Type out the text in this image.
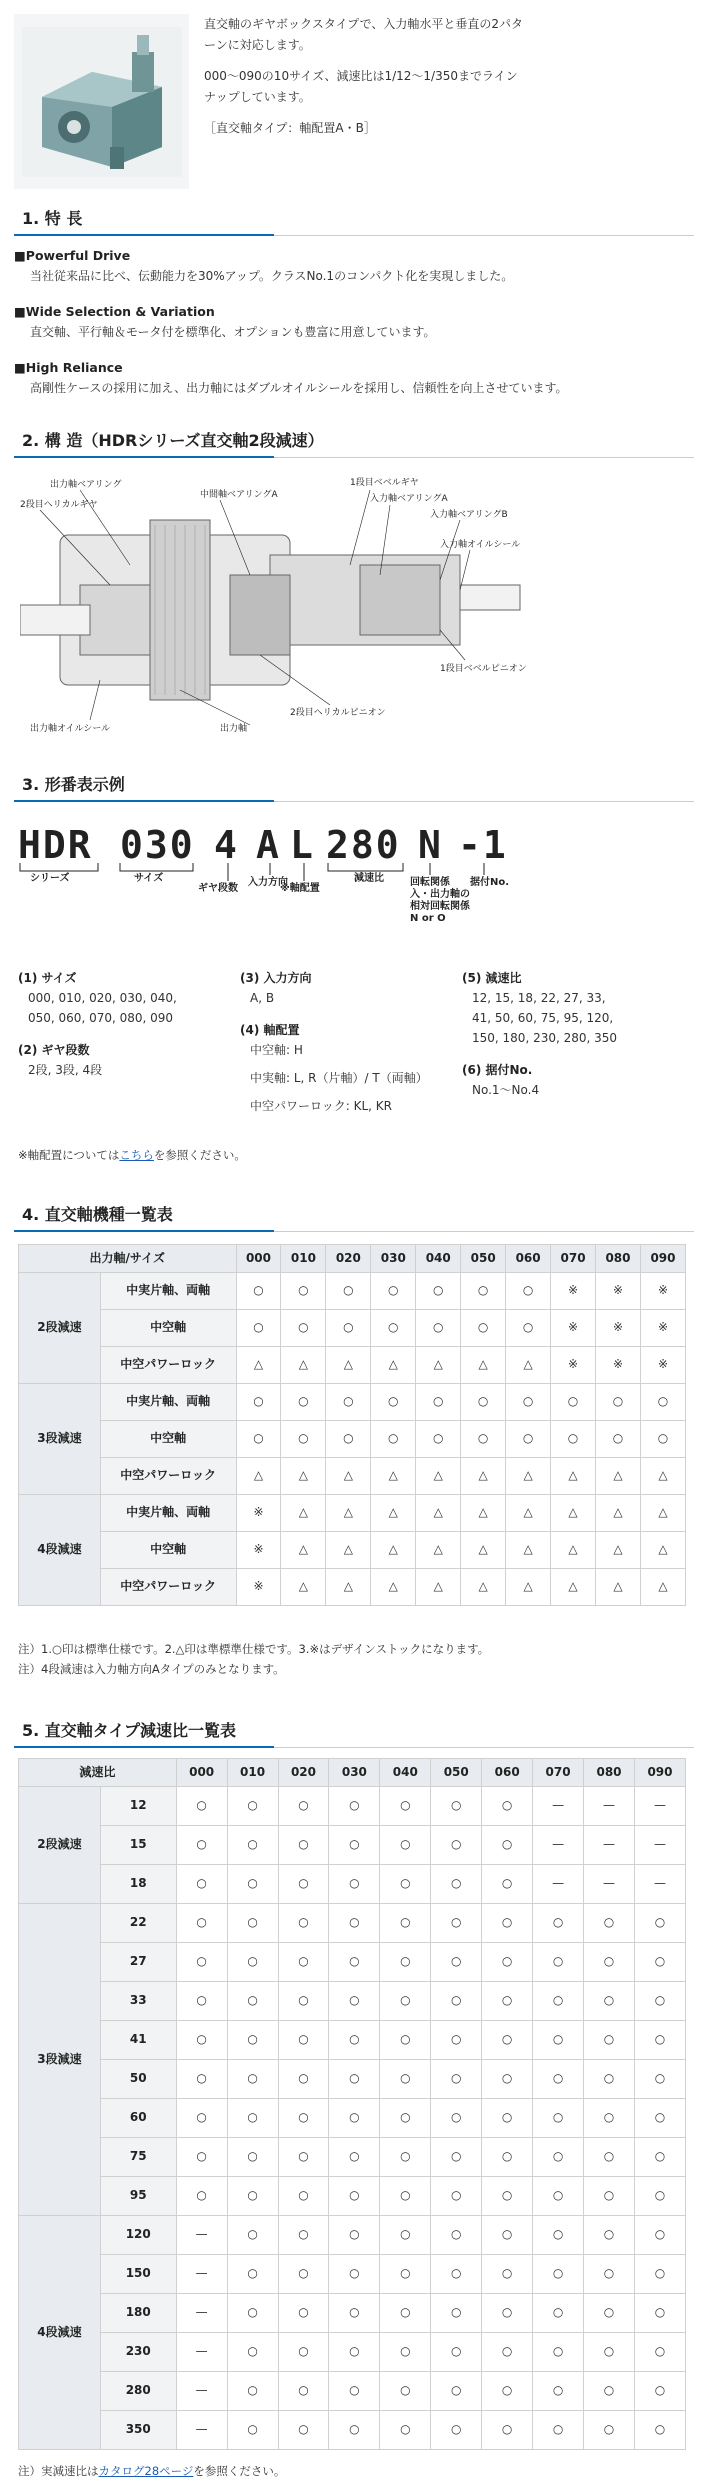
直交軸のギヤボックスタイプで、入力軸水平と垂直の2パターンに対応します。

000～090の10サイズ、減速比は1/12～1/350までラインナップしています。

［直交軸タイプ：軸配置A・B］

1. 特 長
■Powerful Drive

当社従来品に比べ、伝動能力を30%アップ。クラスNo.1のコンパクト化を実現しました。

■Wide Selection & Variation

直交軸、平行軸＆モータ付を標準化、オプションも豊富に用意しています。

■High Reliance

高剛性ケースの採用に加え、出力軸にはダブルオイルシールを採用し、信頼性を向上させています。

2. 構 造（HDRシリーズ直交軸2段減速）
出力軸ベアリング
2段目ヘリカルギヤ
中間軸ベアリングA
1段目ベベルギヤ
入力軸ベアリングA
入力軸ベアリングB
入力軸オイルシール
1段目ベベルピニオン
2段目ヘリカルピニオン
出力軸
出力軸オイルシール
3. 形番表示例
HDR 030 4 A L 280 N -1
シリーズ	サイズ
ギヤ段数
入力方向
※軸配置
減速比	回転関係
入・出力軸の
相対回転関係
N or O
据付No.
(1) サイズ
000, 010, 020, 030, 040,
050, 060, 070, 080, 090
(2) ギヤ段数
2段, 3段, 4段
(3) 入力方向
A, B
(4) 軸配置
中空軸: H
中実軸: L, R（片軸）/ T（両軸）
中空パワーロック: KL, KR
(5) 減速比
12, 15, 18, 22, 27, 33,
41, 50, 60, 75, 95, 120,
150, 180, 230, 280, 350
(6) 据付No.
No.1～No.4
※軸配置についてはこちらを参照ください。
4. 直交軸機種一覧表
出力軸/サイズ		000	010	020	030	040	050	060	070	080	090
2段減速	中実片軸、両軸	○	○	○	○	○	○	○	※	※	※
	中空軸	○	○	○	○	○	○	○	※	※	※
	中空パワーロック	△	△	△	△	△	△	△	※	※	※
3段減速	中実片軸、両軸	○	○	○	○	○	○	○	○	○	○
	中空軸	○	○	○	○	○	○	○	○	○	○
	中空パワーロック	△	△	△	△	△	△	△	△	△	△
4段減速	中実片軸、両軸	※	△	△	△	△	△	△	△	△	△
	中空軸	※	△	△	△	△	△	△	△	△	△
	中空パワーロック	※	△	△	△	△	△	△	△	△	△
注）1.○印は標準仕様です。2.△印は準標準仕様です。3.※はデザインストックになります。
注）4段減速は入力軸方向Aタイプのみとなります。
5. 直交軸タイプ減速比一覧表
減速比		000	010	020	030	040	050	060	070	080	090
2段減速	12	○	○	○	○	○	○	○	—	—	—
	15	○	○	○	○	○	○	○	—	—	—
	18	○	○	○	○	○	○	○	—	—	—
3段減速	22	○	○	○	○	○	○	○	○	○	○
	27	○	○	○	○	○	○	○	○	○	○
	33	○	○	○	○	○	○	○	○	○	○
	41	○	○	○	○	○	○	○	○	○	○
	50	○	○	○	○	○	○	○	○	○	○
	60	○	○	○	○	○	○	○	○	○	○
	75	○	○	○	○	○	○	○	○	○	○
	95	○	○	○	○	○	○	○	○	○	○
4段減速	120	—	○	○	○	○	○	○	○	○	○
	150	—	○	○	○	○	○	○	○	○	○
	180	—	○	○	○	○	○	○	○	○	○
	230	—	○	○	○	○	○	○	○	○	○
	280	—	○	○	○	○	○	○	○	○	○
	350	—	○	○	○	○	○	○	○	○	○
注）実減速比はカタログ28ページを参照ください。
